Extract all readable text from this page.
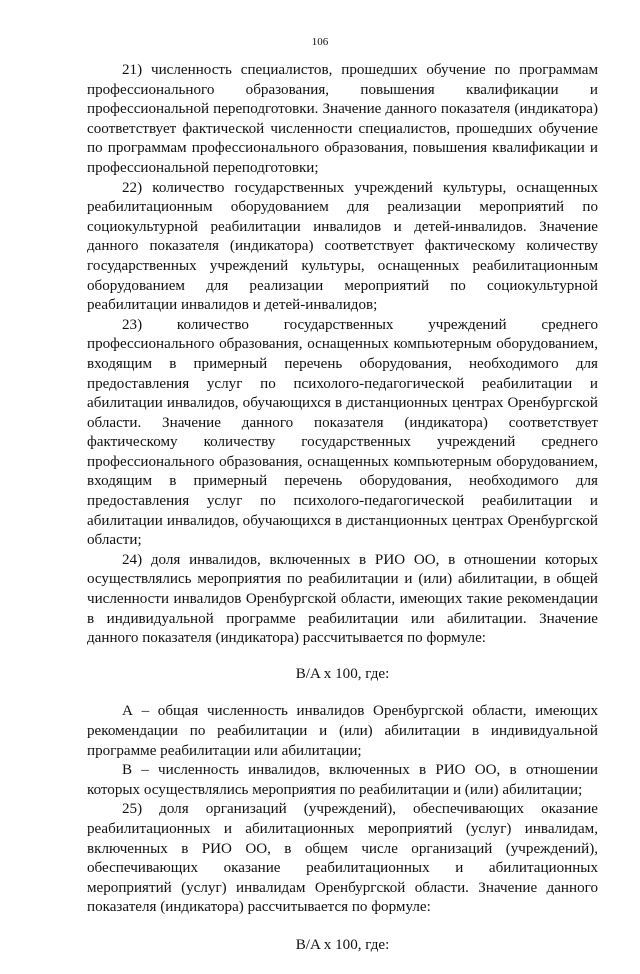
106

21) численность специалистов, прошедших обучение по программам профессионального образования, повышения квалификации и профессиональной переподготовки. Значение данного показателя (индикатора) соответствует фактической численности специалистов, прошедших обучение по программам профессионального образования, повышения квалификации и профессиональной переподготовки;

22) количество государственных учреждений культуры, оснащенных реабилитационным оборудованием для реализации мероприятий по социокультурной реабилитации инвалидов и детей-инвалидов. Значение данного показателя (индикатора) соответствует фактическому количеству государственных учреждений культуры, оснащенных реабилитационным оборудованием для реализации мероприятий по социокультурной реабилитации инвалидов и детей-инвалидов;

23) количество государственных учреждений среднего профессионального образования, оснащенных компьютерным оборудованием, входящим в примерный перечень оборудования, необходимого для предоставления услуг по психолого-педагогической реабилитации и абилитации инвалидов, обучающихся в дистанционных центрах Оренбургской области. Значение данного показателя (индикатора) соответствует фактическому количеству государственных учреждений среднего профессионального образования, оснащенных компьютерным оборудованием, входящим в примерный перечень оборудования, необходимого для предоставления услуг по психолого-педагогической реабилитации и абилитации инвалидов, обучающихся в дистанционных центрах Оренбургской области;

24) доля инвалидов, включенных в РИО ОО, в отношении которых осуществлялись мероприятия по реабилитации и (или) абилитации, в общей численности инвалидов Оренбургской области, имеющих такие рекомендации в индивидуальной программе реабилитации или абилитации. Значение данного показателя (индикатора) рассчитывается по формуле:

B/A х 100, где:

А – общая численность инвалидов Оренбургской области, имеющих рекомендации по реабилитации и (или) абилитации в индивидуальной программе реабилитации или абилитации;

В – численность инвалидов, включенных в РИО ОО, в отношении которых осуществлялись мероприятия по реабилитации и (или) абилитации;

25) доля организаций (учреждений), обеспечивающих оказание реабилитационных и абилитационных мероприятий (услуг) инвалидам, включенных в РИО ОО, в общем числе организаций (учреждений), обеспечивающих оказание реабилитационных и абилитационных мероприятий (услуг) инвалидам Оренбургской области. Значение данного показателя (индикатора) рассчитывается по формуле:

B/A х 100, где:
